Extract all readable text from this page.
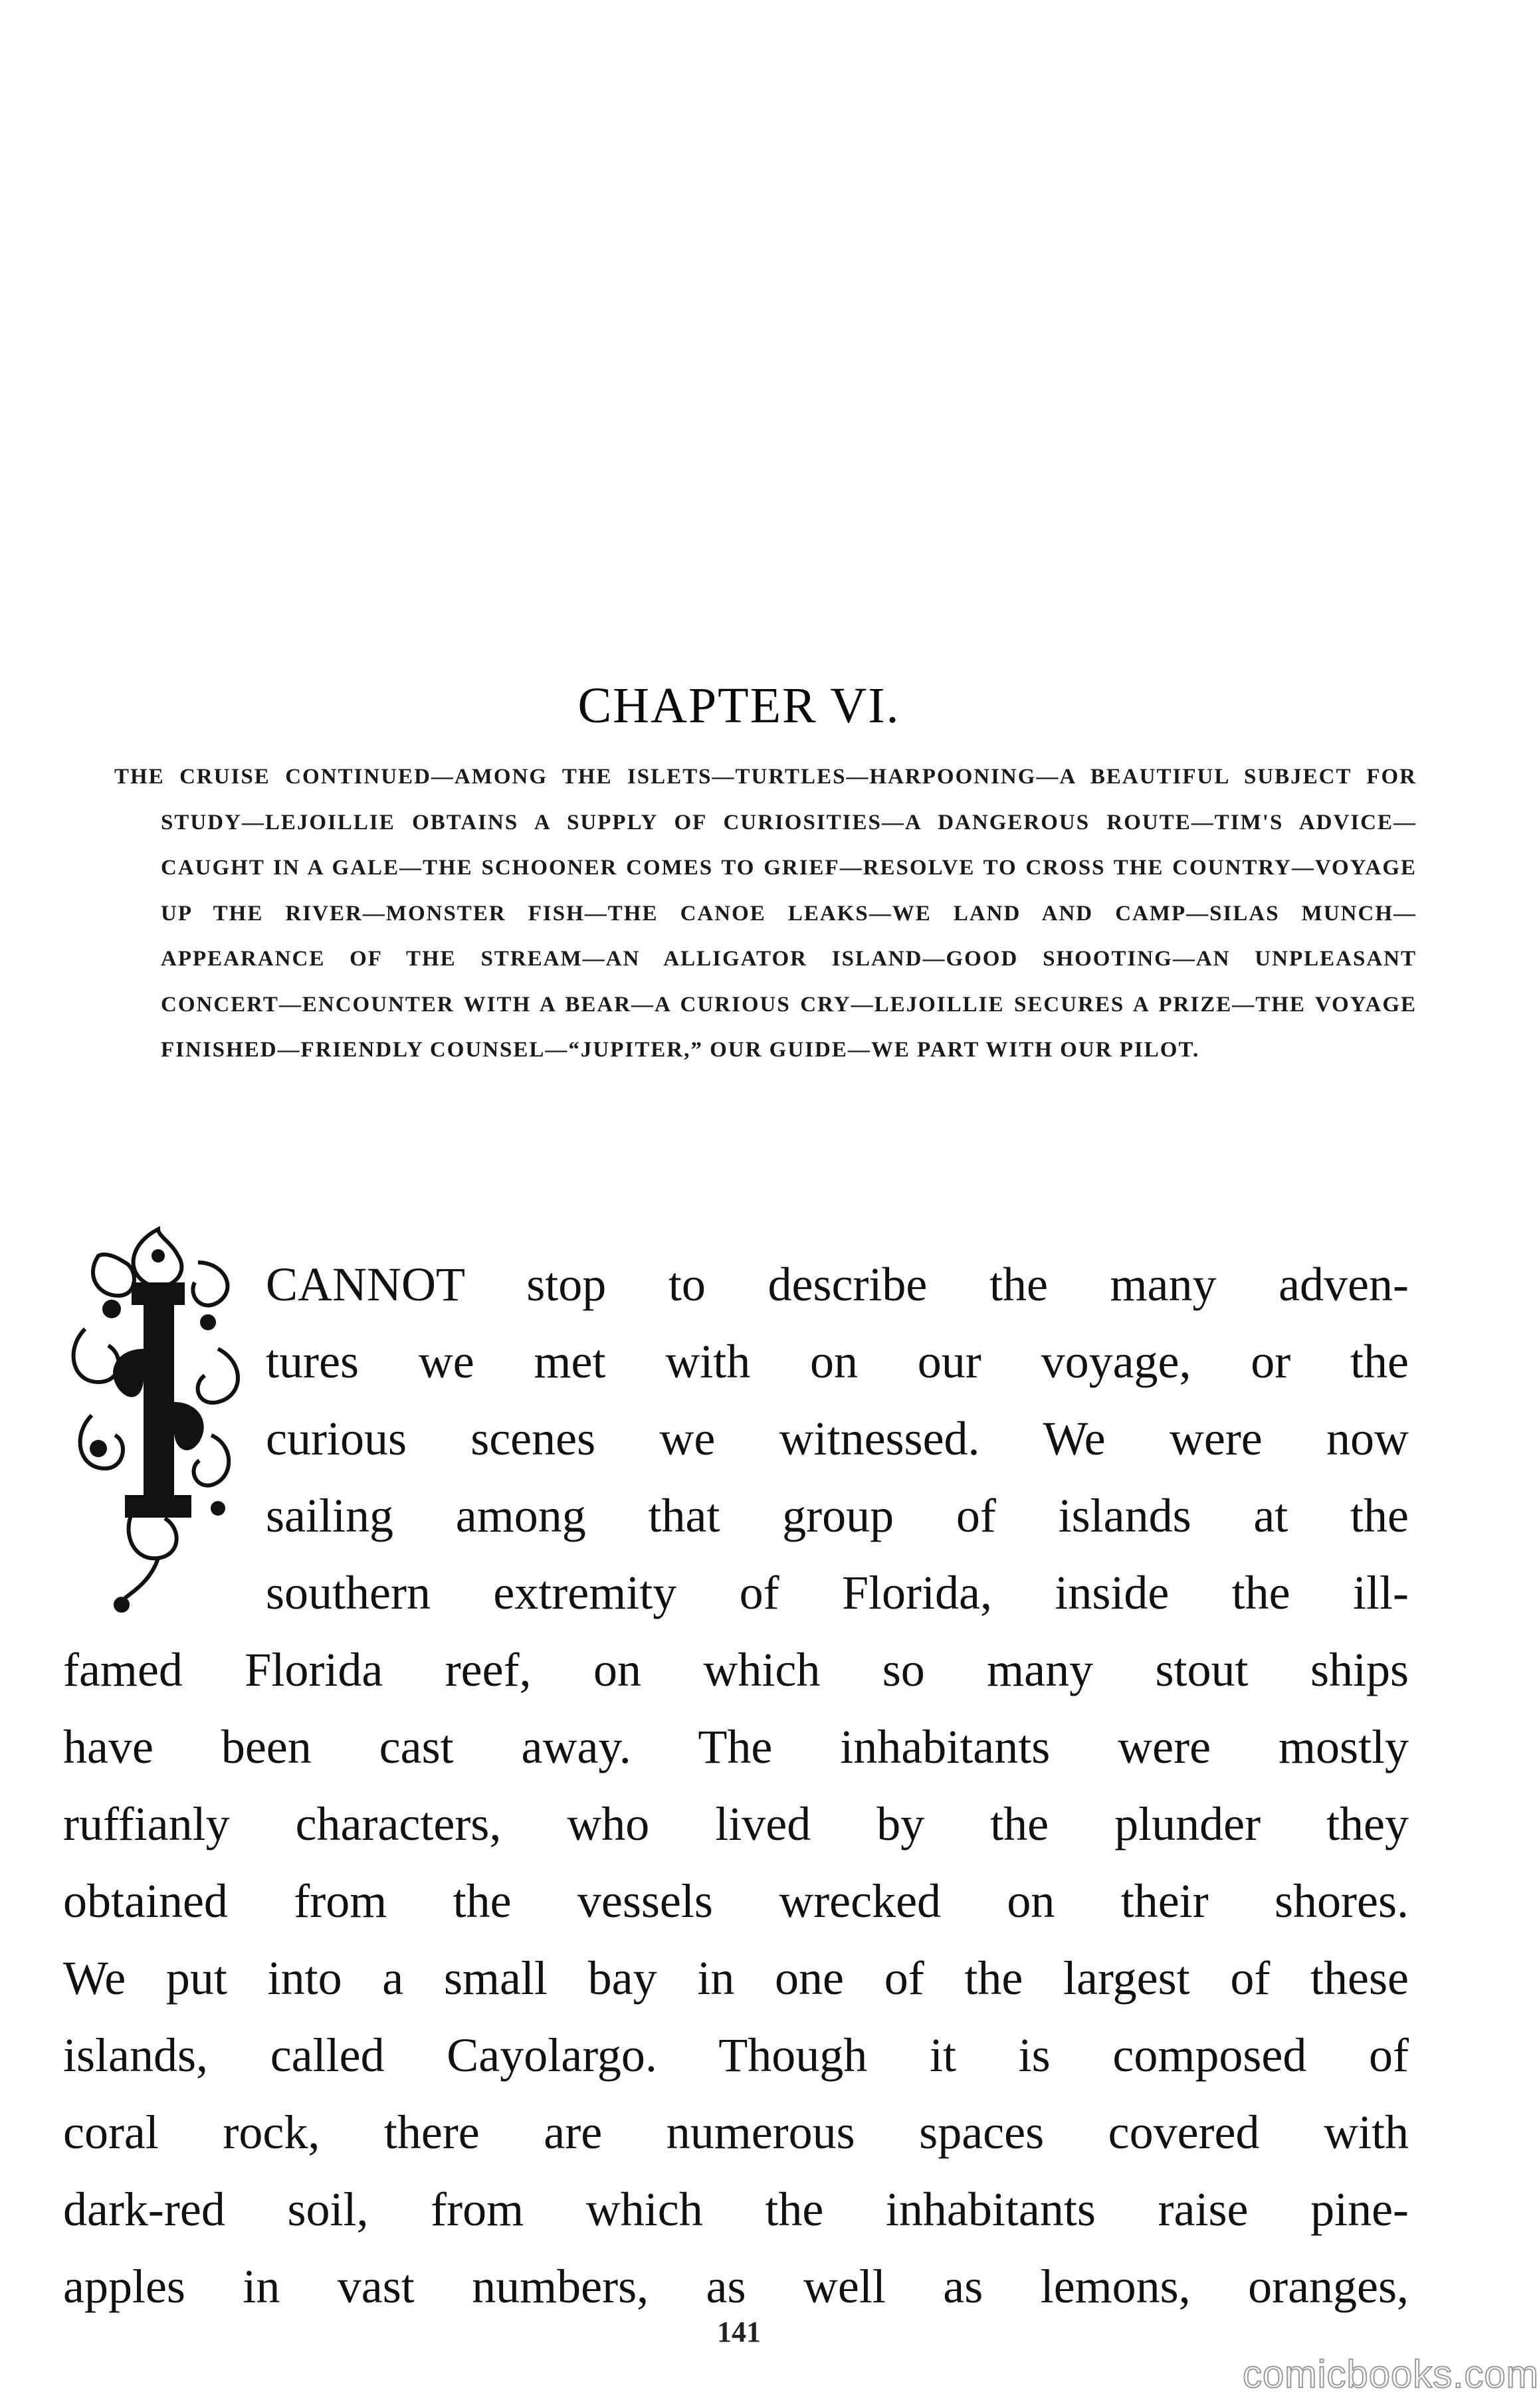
CHAPTER VI.

THE CRUISE CONTINUED—AMONG THE ISLETS—TURTLES—HARPOONING—A BEAUTIFUL SUBJECT FOR STUDY—LEJOILLIE OBTAINS A SUPPLY OF CURIOSITIES—A DANGEROUS ROUTE—TIM'S ADVICE—CAUGHT IN A GALE—THE SCHOONER COMES TO GRIEF—RESOLVE TO CROSS THE COUNTRY—VOYAGE UP THE RIVER—MONSTER FISH—THE CANOE LEAKS—WE LAND AND CAMP—SILAS MUNCH—APPEARANCE OF THE STREAM—AN ALLIGATOR ISLAND—GOOD SHOOTING—AN UNPLEASANT CONCERT—ENCOUNTER WITH A BEAR—A CURIOUS CRY—LEJOILLIE SECURES A PRIZE—THE VOYAGE FINISHED—FRIENDLY COUNSEL—“JUPITER,” OUR GUIDE—WE PART WITH OUR PILOT.

CANNOT stop to describe the many adven-
tures we met with on our voyage, or the
curious scenes we witnessed. We were now
sailing among that group of islands at the
southern extremity of Florida, inside the ill-
famed Florida reef, on which so many stout ships
have been cast away. The inhabitants were mostly
ruffianly characters, who lived by the plunder they
obtained from the vessels wrecked on their shores.
We put into a small bay in one of the largest of these
islands, called Cayolargo. Though it is composed of
coral rock, there are numerous spaces covered with
dark-red soil, from which the inhabitants raise pine-
apples in vast numbers, as well as lemons, oranges,
141
comicbooks.com
